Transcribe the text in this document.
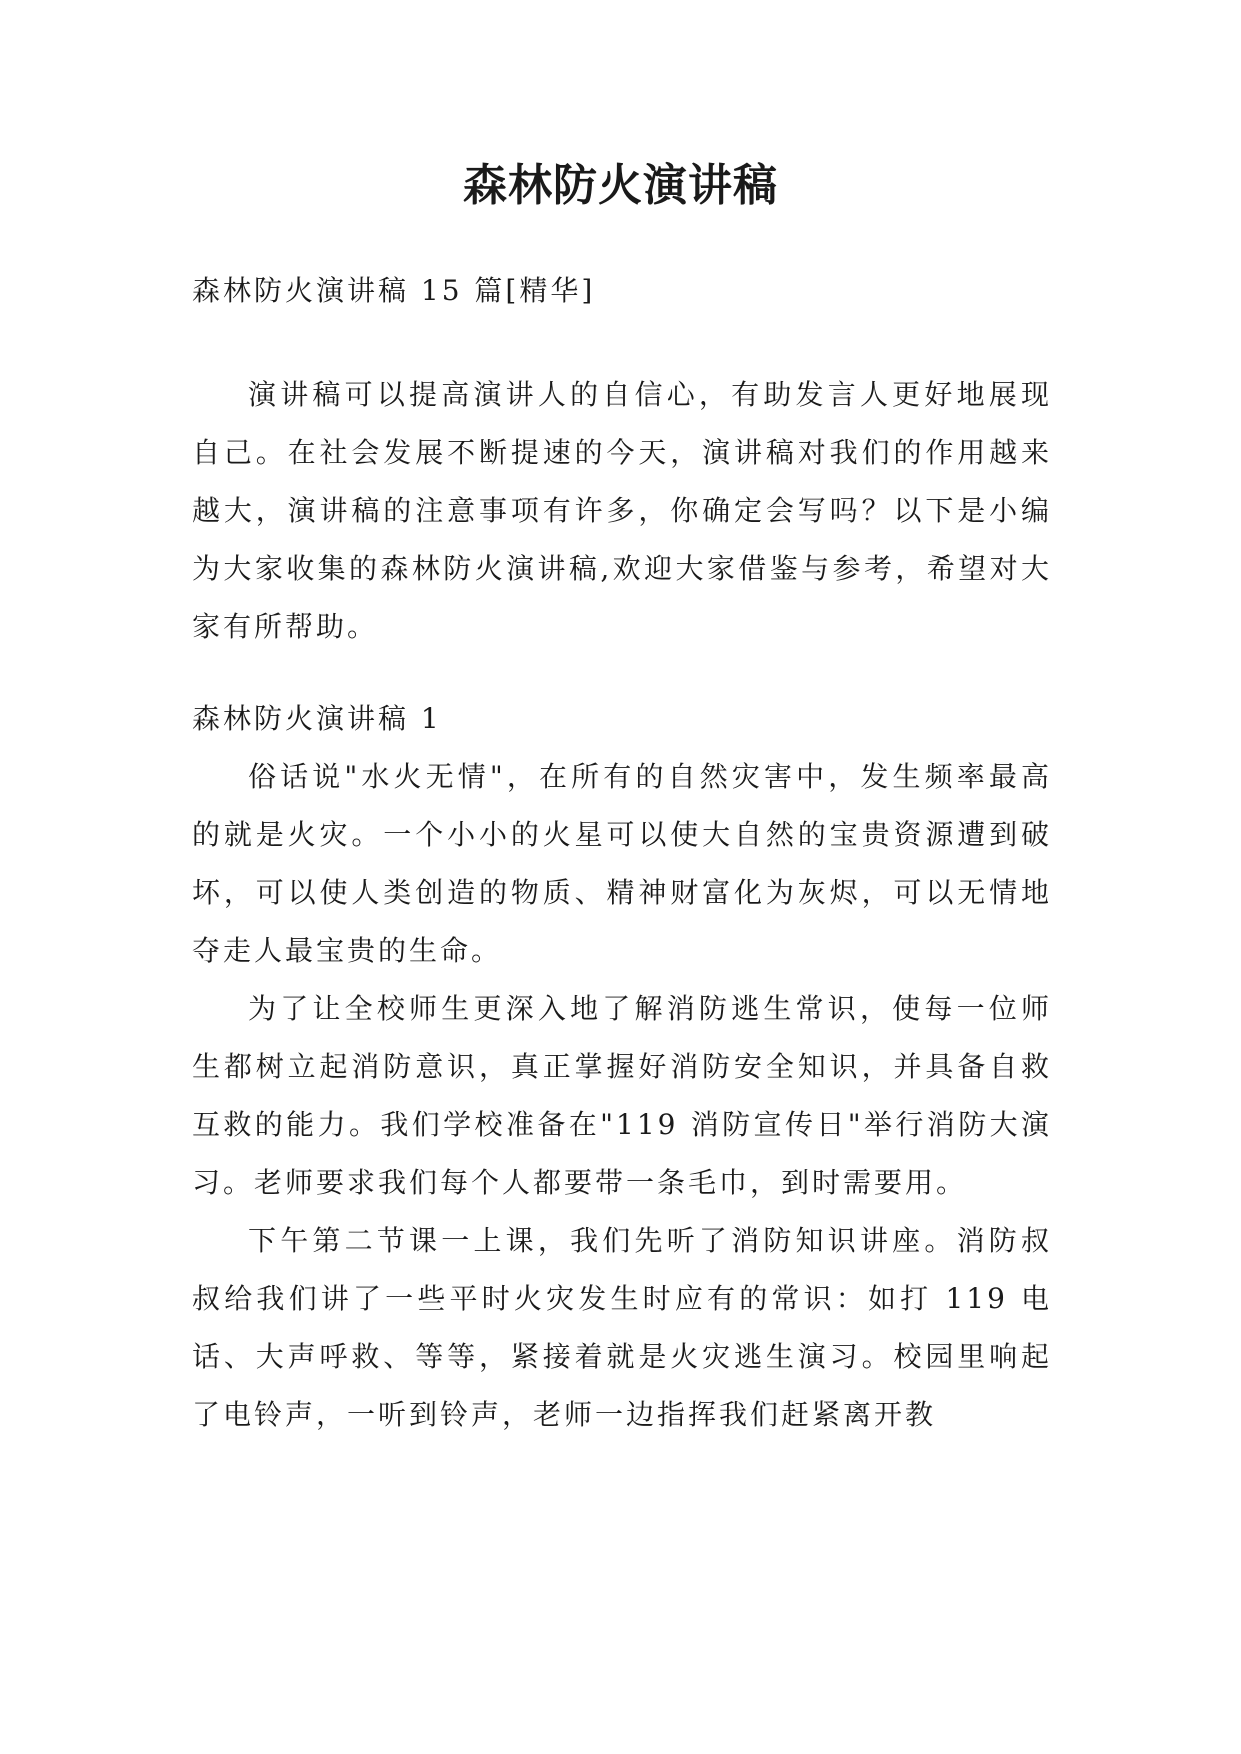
森林防火演讲稿

森林防火演讲稿 15 篇[精华]

演讲稿可以提高演讲人的自信心，有助发言人更好地展现自己。在社会发展不断提速的今天，演讲稿对我们的作用越来越大，演讲稿的注意事项有许多，你确定会写吗？以下是小编为大家收集的森林防火演讲稿,欢迎大家借鉴与参考，希望对大家有所帮助。

森林防火演讲稿 1

俗话说"水火无情"，在所有的自然灾害中，发生频率最高的就是火灾。一个小小的火星可以使大自然的宝贵资源遭到破坏，可以使人类创造的物质、精神财富化为灰烬，可以无情地夺走人最宝贵的生命。

为了让全校师生更深入地了解消防逃生常识，使每一位师生都树立起消防意识，真正掌握好消防安全知识，并具备自救互救的能力。我们学校准备在"119 消防宣传日"举行消防大演习。老师要求我们每个人都要带一条毛巾，到时需要用。

下午第二节课一上课，我们先听了消防知识讲座。消防叔叔给我们讲了一些平时火灾发生时应有的常识：如打 119 电话、大声呼救、等等，紧接着就是火灾逃生演习。校园里响起了电铃声，一听到铃声，老师一边指挥我们赶紧离开教
